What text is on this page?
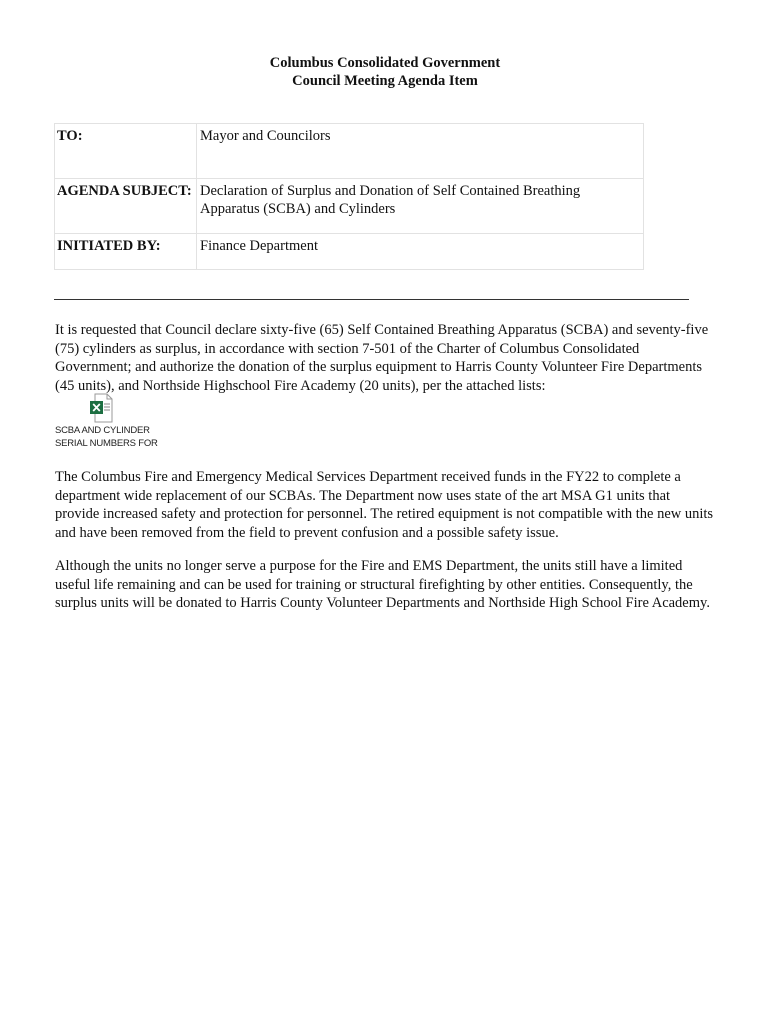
Columbus Consolidated Government
Council Meeting Agenda Item
TO:	Mayor and Councilors
AGENDA SUBJECT:	Declaration of Surplus and Donation of Self Contained Breathing Apparatus (SCBA) and Cylinders
INITIATED BY:	Finance Department

It is requested that Council declare sixty-five (65) Self Contained Breathing Apparatus (SCBA) and seventy-five (75) cylinders as surplus, in accordance with section 7-501 of the Charter of Columbus Consolidated Government; and authorize the donation of the surplus equipment to Harris County Volunteer Fire Departments (45 units), and Northside Highschool Fire Academy (20 units), per the attached lists:

SCBA AND CYLINDER
SERIAL NUMBERS FOR

The Columbus Fire and Emergency Medical Services Department received funds in the FY22 to complete a department wide replacement of our SCBAs. The Department now uses state of the art MSA G1 units that provide increased safety and protection for personnel. The retired equipment is not compatible with the new units and have been removed from the field to prevent confusion and a possible safety issue.

Although the units no longer serve a purpose for the Fire and EMS Department, the units still have a limited useful life remaining and can be used for training or structural firefighting by other entities. Consequently, the surplus units will be donated to Harris County Volunteer Departments and Northside High School Fire Academy.
